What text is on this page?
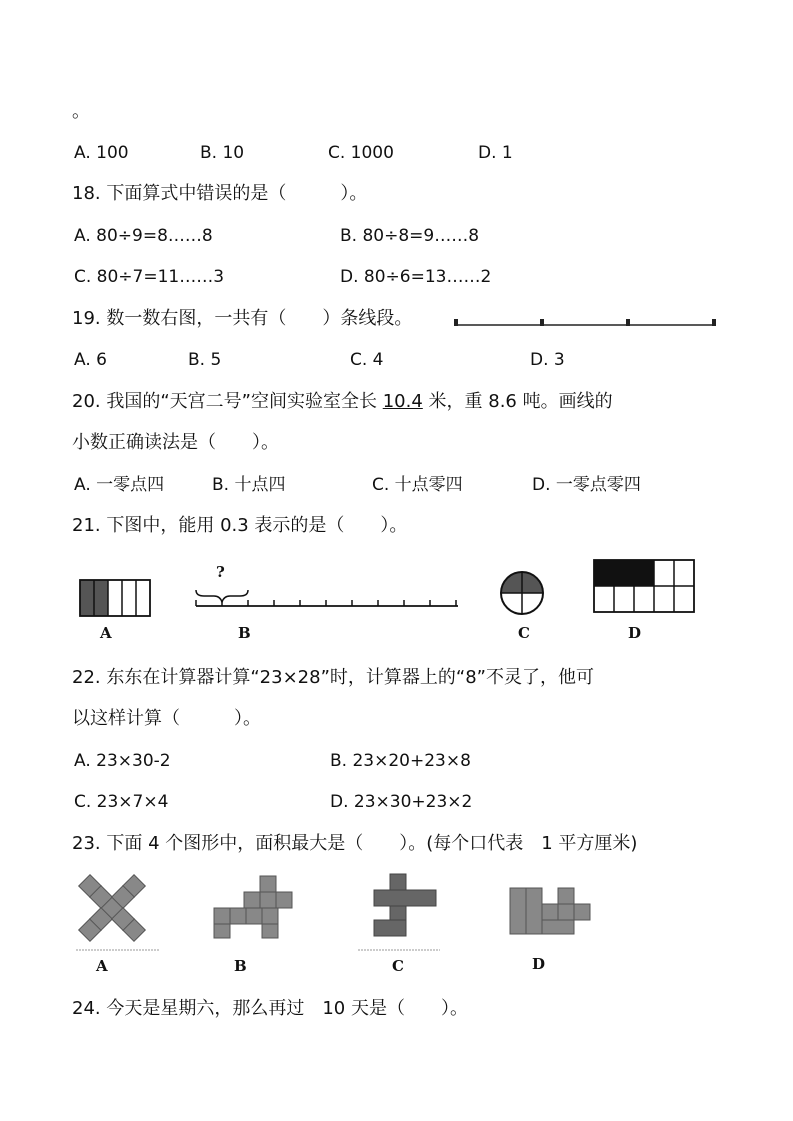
。
A. 100	B. 10	C. 1000	D. 1
18. 下面算式中错误的是（　　　）。
A. 80÷9=8……8	B. 80÷8=9……8
C. 80÷7=11……3	D. 80÷6=13……2
19. 数一数右图，一共有（　　）条线段。
A. 6	B. 5	C. 4	D. 3
20. 我国的“天宫二号”空间实验室全长 10.4 米，重 8.6 吨。画线的
小数正确读法是（　　）。
A. 一零点四	B. 十点四	C. 十点零四	D. 一零点零四
21. 下图中，能用 0.3 表示的是（　　）。
A
?
B	C	D
22. 东东在计算器计算“23×28”时，计算器上的“8”不灵了，他可
以这样计算（　　　）。
A. 23×30-2	B. 23×20+23×8
C. 23×7×4	D. 23×30+23×2
23. 下面 4 个图形中，面积最大是（　　）。(每个口代表　1 平方厘米)
A	B	C	D
24. 今天是星期六，那么再过　10 天是（　　）。
